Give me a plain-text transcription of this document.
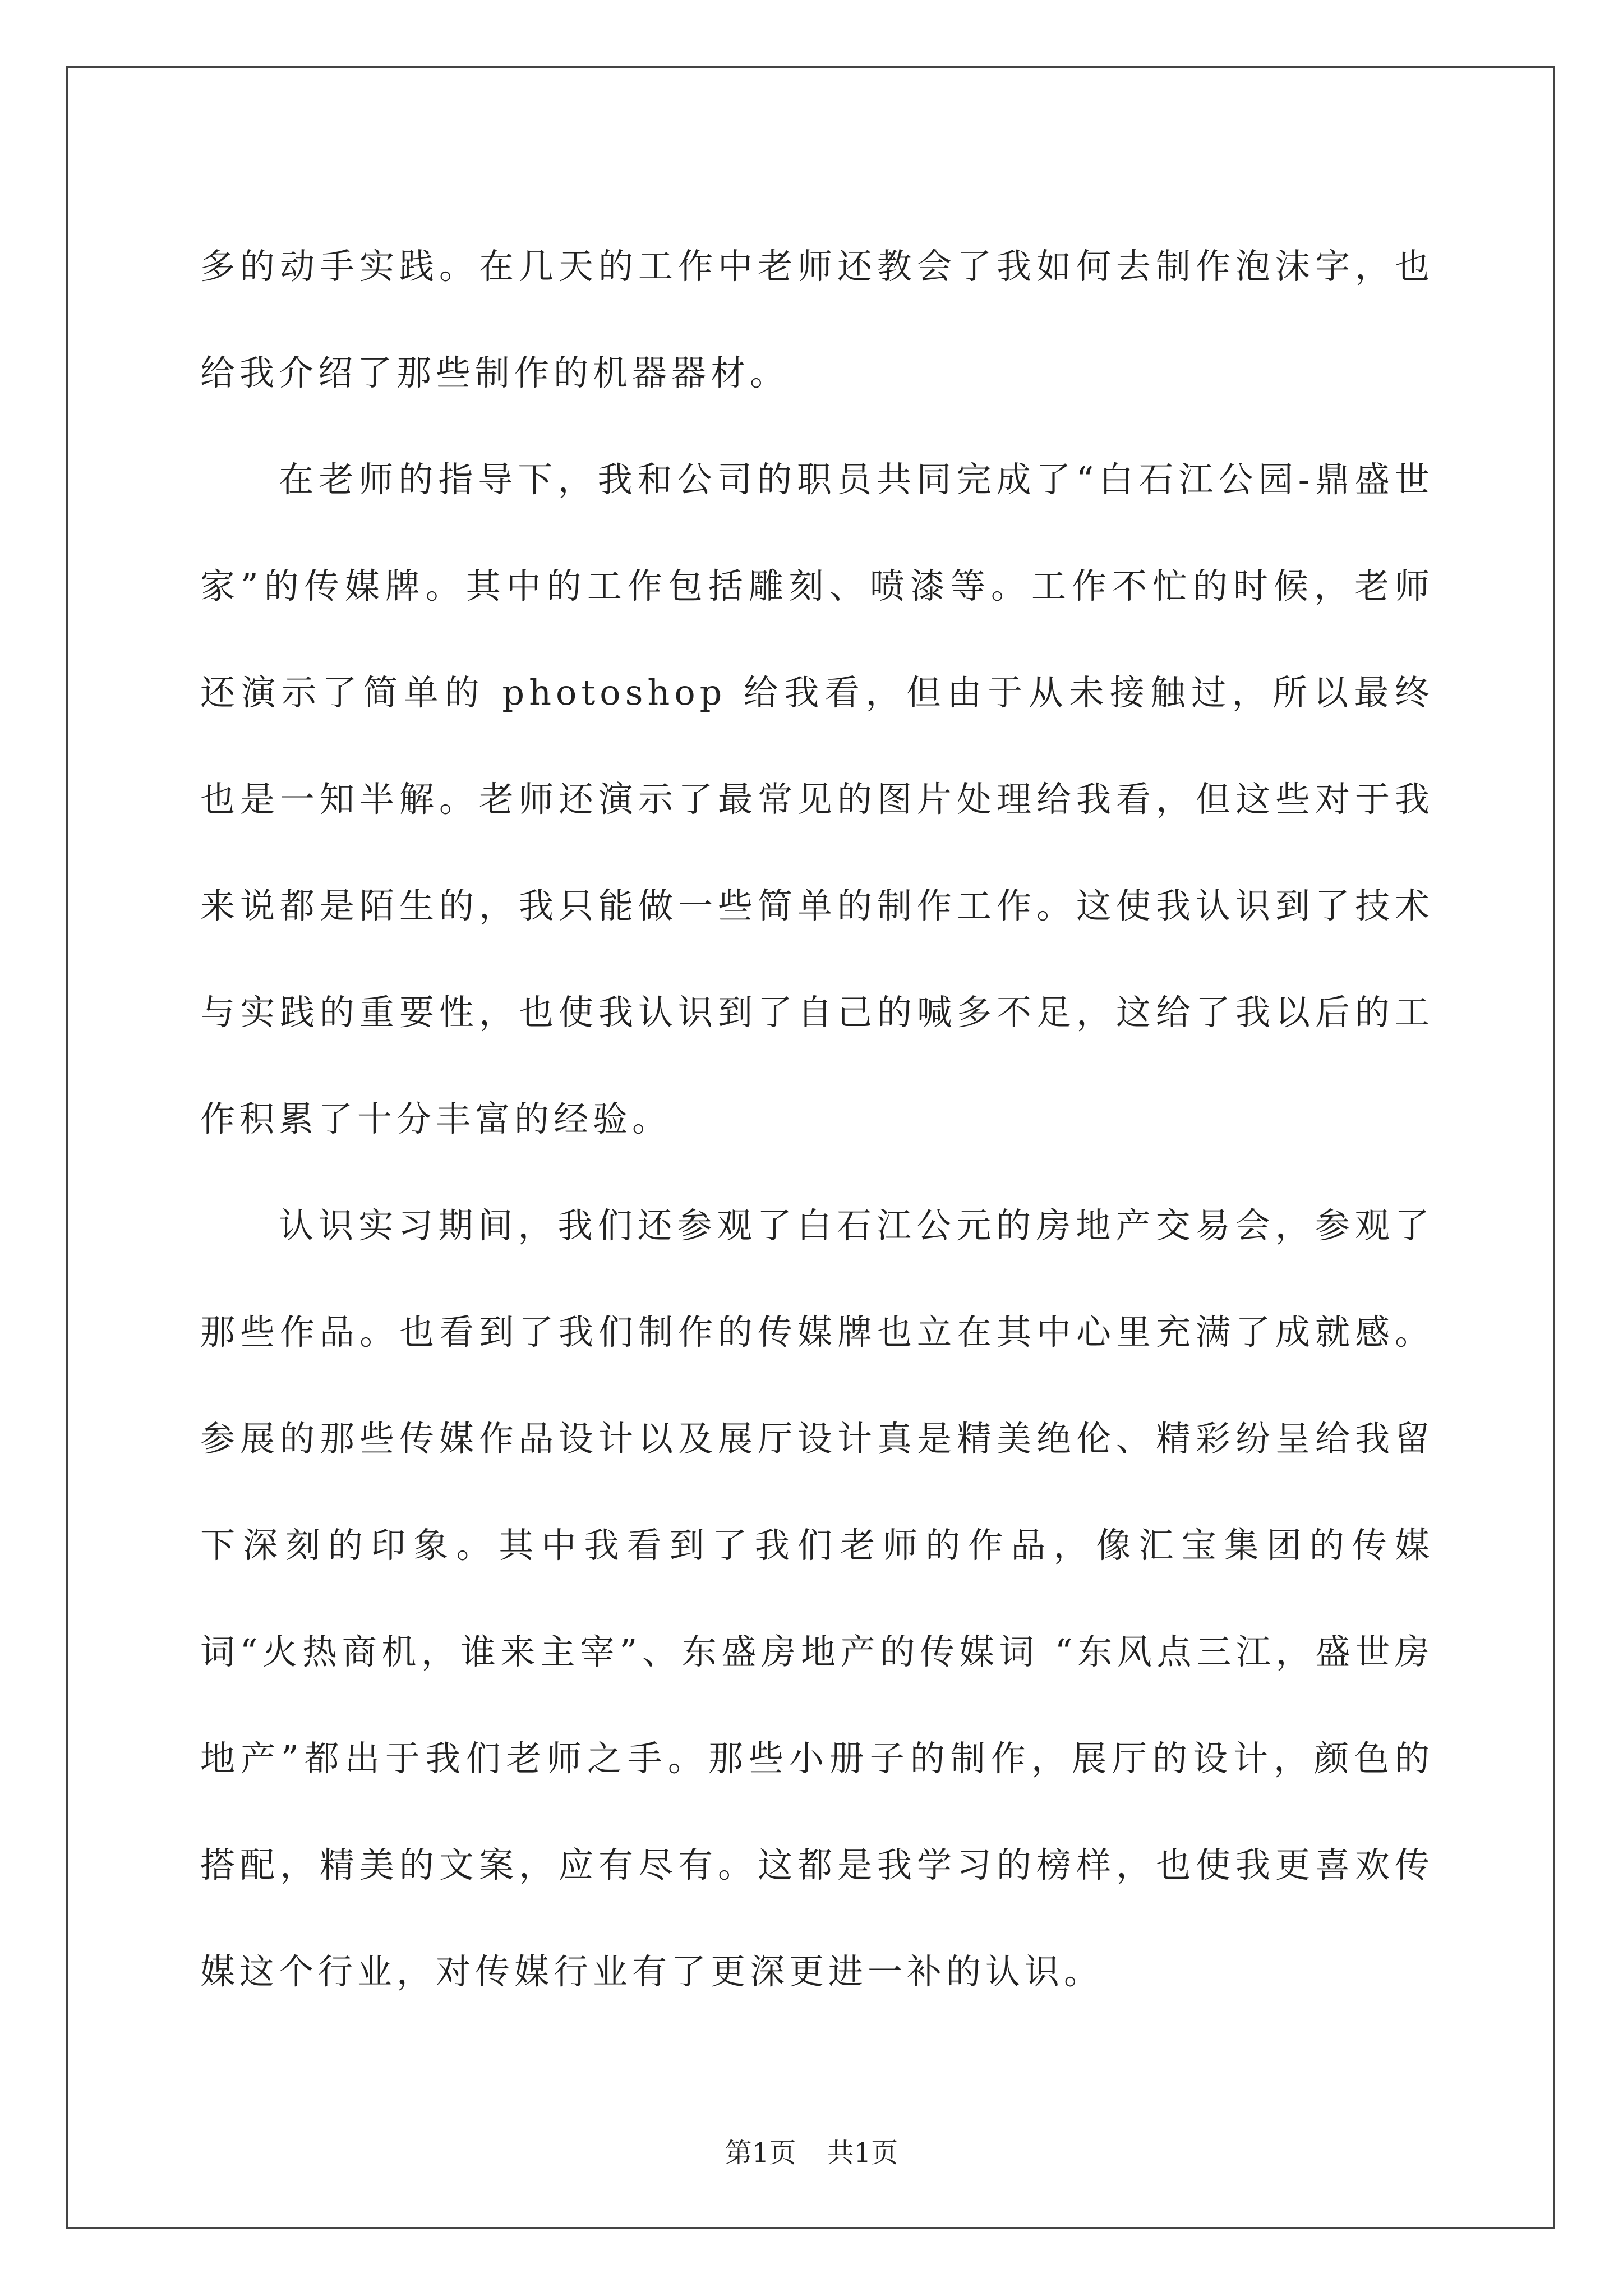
多的动手实践。在几天的工作中老师还教会了我如何去制作泡沫字，也给我介绍了那些制作的机器器材。

在老师的指导下，我和公司的职员共同完成了“白石江公园-鼎盛世家”的传媒牌。其中的工作包括雕刻、喷漆等。工作不忙的时候，老师还演示了简单的 photoshop 给我看，但由于从未接触过，所以最终也是一知半解。老师还演示了最常见的图片处理给我看，但这些对于我来说都是陌生的，我只能做一些简单的制作工作。这使我认识到了技术与实践的重要性，也使我认识到了自己的喊多不足，这给了我以后的工作积累了十分丰富的经验。

认识实习期间，我们还参观了白石江公元的房地产交易会，参观了那些作品。也看到了我们制作的传媒牌也立在其中心里充满了成就感。参展的那些传媒作品设计以及展厅设计真是精美绝伦、精彩纷呈给我留下深刻的印象。其中我看到了我们老师的作品，像汇宝集团的传媒词“火热商机，谁来主宰”、东盛房地产的传媒词 “东风点三江，盛世房地产”都出于我们老师之手。那些小册子的制作，展厅的设计，颜色的搭配，精美的文案，应有尽有。这都是我学习的榜样，也使我更喜欢传媒这个行业，对传媒行业有了更深更进一补的认识。

第1页 共1页
